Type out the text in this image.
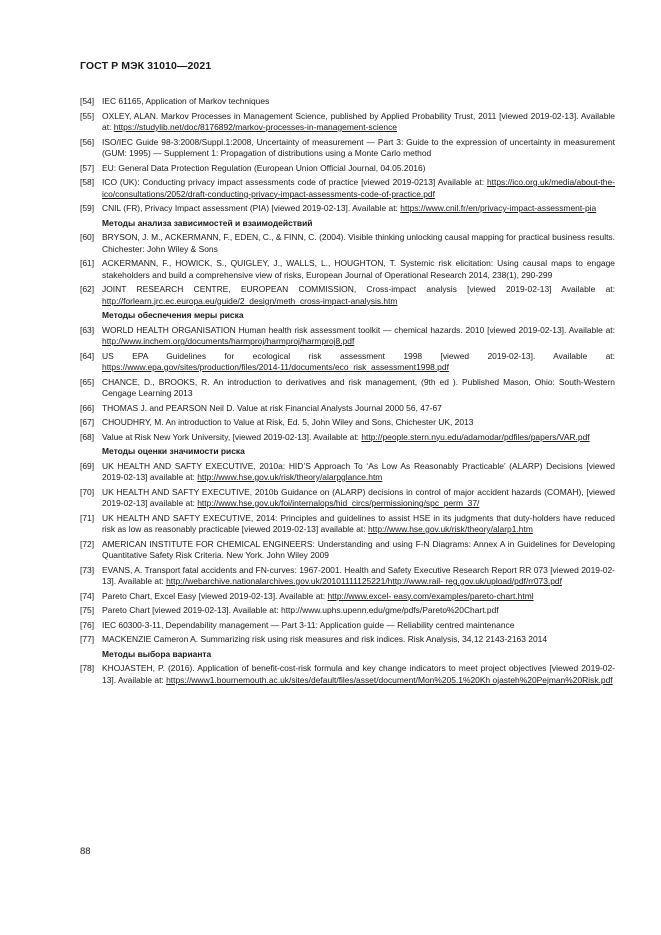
ГОСТ Р МЭК 31010—2021
[54] IEC 61165, Application of Markov techniques
[55] OXLEY, ALAN. Markov Processes in Management Science, published by Applied Probability Trust, 2011 [viewed 2019-02-13]. Available at: https://studylib.net/doc/8176892/markov-processes-in-management-science
[56] ISO/IEC Guide 98-3:2008/Suppl.1:2008, Uncertainty of measurement — Part 3: Guide to the expression of uncertainty in measurement (GUM: 1995) — Supplement 1: Propagation of distributions using a Monte Carlo method
[57] EU: General Data Protection Regulation (European Union Official Journal, 04.05.2016)
[58] ICO (UK): Conducting privacy impact assessments code of practice [viewed 2019-0213] Available at: https://ico.org.uk/media/about-the-ico/consultations/2052/draft-conducting-privacy-impact-assessments-code-of-practice.pdf
[59] CNIL (FR), Privacy Impact assessment (PIA) [viewed 2019-02-13]. Available at: https://www.cnil.fr/en/privacy-impact-assessment-pia
Методы анализа зависимостей и взаимодействий
[60] BRYSON, J. M., ACKERMANN, F., EDEN, C., & FINN, C. (2004). Visible thinking unlocking causal mapping for practical business results. Chichester: John Wiley & Sons
[61] ACKERMANN, F., HOWICK, S., QUIGLEY, J., WALLS, L., HOUGHTON, T. Systemic risk elicitation: Using causal maps to engage stakeholders and build a comprehensive view of risks, European Journal of Operational Research 2014, 238(1), 290-299
[62] JOINT RESEARCH CENTRE, EUROPEAN COMMISSION, Cross-impact analysis [viewed 2019-02-13] Available at: http://forlearn.jrc.ec.europa.eu/guide/2_design/meth_cross-impact-analysis.htm
Методы обеспечения меры риска
[63] WORLD HEALTH ORGANISATION Human health risk assessment toolkit — chemical hazards. 2010 [viewed 2019-02-13]. Available at: http://www.inchem.org/documents/harmproj/harmproj/harmproj8.pdf
[64] US EPA Guidelines for ecological risk assessment 1998 [viewed 2019-02-13]. Available at: https://www.epa.gov/sites/production/files/2014-11/documents/eco_risk_assessment1998.pdf
[65] CHANCE, D., BROOKS, R. An introduction to derivatives and risk management, (9th ed ). Published Mason, Ohio: South-Western Cengage Learning 2013
[66] THOMAS J. and PEARSON Neil D. Value at risk Financial Analysts Journal 2000 56, 47-67
[67] CHOUDHRY, M. An introduction to Value at Risk, Ed. 5, John Wiley and Sons, Chichester UK, 2013
[68] Value at Risk New York University, [viewed 2019-02-13]. Available at: http://people.stern.nyu.edu/adamodar/pdfiles/papers/VAR.pdf
Методы оценки значимости риска
[69] UK HEALTH AND SAFTY EXECUTIVE, 2010a: HID’S Approach To ‘As Low As Reasonably Practicable’ (ALARP) Decisions [viewed 2019-02-13] available at: http://www.hse.gov.uk/risk/theory/alarpglance.htm
[70] UK HEALTH AND SAFTY EXECUTIVE, 2010b Guidance on (ALARP) decisions in control of major accident hazards (COMAH), [viewed 2019-02-13] available at: http://www.hse.gov.uk/foi/internalops/hid_circs/permissioning/spc_perm_37/
[71] UK HEALTH AND SAFTY EXECUTIVE, 2014: Principles and guidelines to assist HSE in its judgments that duty-holders have reduced risk as low as reasonably practicable [viewed 2019-02-13] available at: http://www.hse.gov.uk/risk/theory/alarp1.htm
[72] AMERICAN INSTITUTE FOR CHEMICAL ENGINEERS: Understanding and using F-N Diagrams: Annex A in Guidelines for Developing Quantitative Safety Risk Criteria. New York. John Wiley 2009
[73] EVANS, A. Transport fatal accidents and FN-curves: 1967-2001. Health and Safety Executive Research Report RR 073 [viewed 2019-02-13]. Available at: http://webarchive.nationalarchives.gov.uk/20101111125221/http://www.rail- reg.gov.uk/upload/pdf/rr073.pdf
[74] Pareto Chart, Excel Easy [viewed 2019-02-13]. Available at: http://www.excel- easy.com/examples/pareto-chart.html
[75] Pareto Chart [viewed 2019-02-13]. Available at: http://www.uphs.upenn.edu/gme/pdfs/Pareto%20Chart.pdf
[76] IEC 60300-3-11, Dependability management — Part 3-11: Application guide — Reliability centred maintenance
[77] MACKENZIE Cameron A. Summarizing risk using risk measures and risk indices. Risk Analysis, 34,12 2143-2163 2014
Методы выбора варианта
[78] KHOJASTEH, P. (2016). Application of benefit-cost-risk formula and key change indicators to meet project objectives [viewed 2019-02-13]. Available at: https://www1.bournemouth.ac.uk/sites/default/files/asset/document/Mon%205.1%20Kh ojasteh%20Pejman%20Risk.pdf
88
